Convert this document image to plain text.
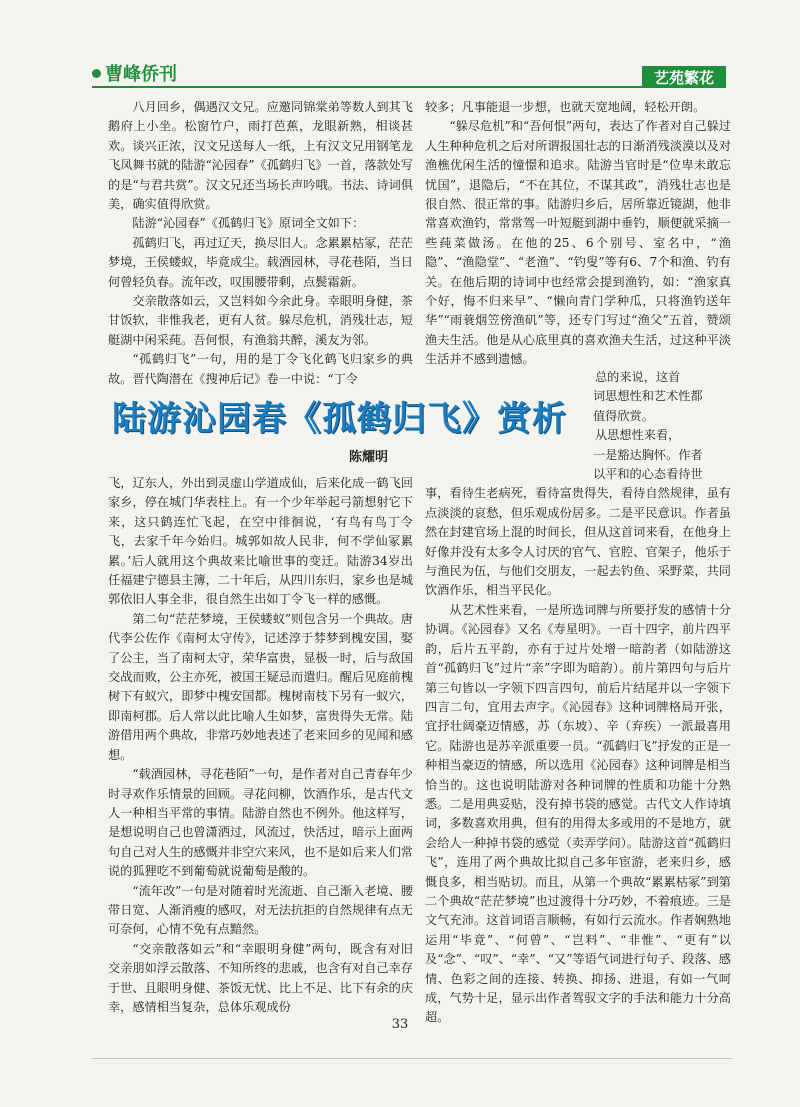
曹峰侨刊	艺苑繁花

八月回乡，偶遇汉文兄。应邀同锦棠弟等数人到其飞鹅府上小坐。松窗竹户，雨打芭蕉，龙眼新熟，相谈甚欢。谈兴正浓，汉文兄送每人一纸，上有汉文兄用钢笔龙飞凤舞书就的陆游“沁园春”《孤鹤归飞》一首，落款处写的是“与君共赏”。汉文兄还当场长声吟哦。书法、诗词俱美，确实值得欣赏。

陆游“沁园春”《孤鹤归飞》原词全文如下：

孤鹤归飞，再过辽天，换尽旧人。念累累枯冢，茫茫梦境，王侯蝼蚁，毕竟成尘。载酒园林，寻花巷陌，当日何曾轻负春。流年改，叹围腰带剩，点鬓霜新。

交亲散落如云，又岂料如今余此身。幸眼明身健，茶甘饭软，非惟我老，更有人贫。躲尽危机，消残壮志，短艇湖中闲采莼。吾何恨，有渔翁共醉，溪友为邻。

“孤鹤归飞”一句，用的是丁令飞化鹤飞归家乡的典故。晋代陶潜在《搜神后记》卷一中说：“丁令

较多；凡事能退一步想，也就天宽地阔，轻松开朗。

“躲尽危机”和“吾何恨”两句，表达了作者对自己躲过人生种种危机之后对所谓报国壮志的日渐消残淡漠以及对渔樵优闲生活的憧憬和追求。陆游当官时是“位卑未敢忘忧国”，退隐后，“不在其位，不谋其政”，消残壮志也是很自然、很正常的事。陆游归乡后，居所靠近镜湖，他非常喜欢渔钓，常常驾一叶短艇到湖中垂钓，顺便就采摘一些莼菜做汤。在他的25、6个别号、室名中，“渔隐”、“渔隐堂”、“老渔”、“钓叟”等有6、7个和渔、钓有关。在他后期的诗词中也经常会提到渔钓，如：“渔家真个好，悔不归来早”、“懒向青门学种瓜，只将渔钓送年华”“雨蓑烟笠傍渔矶”等，还专门写过“渔父”五首，赞颂渔夫生活。他是从心底里真的喜欢渔夫生活，过这种平淡生活并不感到遗憾。

陆游沁园春《孤鹤归飞》赏析
陈耀明

飞，辽东人，外出到灵虚山学道成仙，后来化成一鹤飞回家乡，停在城门华表柱上。有一个少年举起弓箭想射它下来，这只鹤连忙飞起，在空中徘徊说，‘有鸟有鸟丁令飞，去家千年今始归。城郭如故人民非，何不学仙冢累累。’后人就用这个典故来比喻世事的变迁。陆游34岁出任福建宁德县主簿，二十年后，从四川东归，家乡也是城郭依旧人事全非，很自然生出如丁令飞一样的感慨。

第二句“茫茫梦境，王侯蝼蚁”则包含另一个典故。唐代李公佐作《南柯太守传》，记述淳于棼梦到槐安国，娶了公主，当了南柯太守，荣华富贵，显极一时，后与敌国交战而败，公主亦死，被国王疑忌而遣归。醒后见庭前槐树下有蚁穴，即梦中槐安国都。槐树南枝下另有一蚁穴，即南柯郡。后人常以此比喻人生如梦，富贵得失无常。陆游借用两个典故，非常巧妙地表述了老来回乡的见闻和感想。

“载酒园林，寻花巷陌”一句，是作者对自己青春年少时寻欢作乐情景的回顾。寻花问柳，饮酒作乐，是古代文人一种相当平常的事情。陆游自然也不例外。他这样写，是想说明自己也曾潇洒过，风流过，快活过，暗示上面两句自己对人生的感慨并非空穴来风，也不是如后来人们常说的狐狸吃不到葡萄就说葡萄是酸的。

“流年改”一句是对随着时光流逝、自己渐入老境、腰带日宽、人渐消瘦的感叹，对无法抗拒的自然规律有点无可奈何，心情不免有点黯然。

“交亲散落如云”和“幸眼明身健”两句，既含有对旧交亲朋如浮云散落、不知所终的悲戚，也含有对自己幸存于世、且眼明身健、茶饭无忧、比上不足、比下有余的庆幸，感情相当复杂，总体乐观成份

总的来说，这首
词思想性和艺术性都
值得欣赏。
从思想性来看，
一是豁达胸怀。作者
以平和的心态看待世

事，看待生老病死，看待富贵得失，看待自然规律，虽有点淡淡的哀愁，但乐观成份居多。二是平民意识。作者虽然在封建官场上混的时间长，但从这首词来看，在他身上好像并没有太多令人讨厌的官气、官腔、官架子，他乐于与渔民为伍，与他们交朋友，一起去钓鱼、采野菜，共同饮酒作乐，相当平民化。

从艺术性来看，一是所选词牌与所要抒发的感情十分协调。《沁园春》又名《寿星明》。一百十四字，前片四平韵，后片五平韵，亦有于过片处增一暗韵者（如陆游这首“孤鹤归飞”过片“亲”字即为暗韵）。前片第四句与后片第三句皆以一字领下四言四句，前后片结尾并以一字领下四言二句，宜用去声字。《沁园春》这种词牌格局开张，宜抒壮阔豪迈情感，苏（东坡）、辛（弃疾）一派最喜用它。陆游也是苏辛派重要一员。“孤鹤归飞”抒发的正是一种相当豪迈的情感，所以选用《沁园春》这种词牌是相当恰当的。这也说明陆游对各种词牌的性质和功能十分熟悉。二是用典妥贴，没有掉书袋的感觉。古代文人作诗填词，多数喜欢用典，但有的用得太多或用的不是地方，就会给人一种掉书袋的感觉（卖弄学问）。陆游这首“孤鹤归飞”，连用了两个典故比拟自己多年宦游，老来归乡，感慨良多，相当贴切。而且，从第一个典故“累累枯冢”到第二个典故“茫茫梦境”也过渡得十分巧妙，不着痕迹。三是文气充沛。这首词语言顺畅，有如行云流水。作者娴熟地运用“毕竟”、“何曾”、“岂料”、“非惟”、“更有”以及“念”、“叹”、“幸”、“又”等语气词进行句子、段落、感情、色彩之间的连接、转换、抑扬、进退，有如一气呵成，气势十足，显示出作者驾驭文字的手法和能力十分高超。

33
